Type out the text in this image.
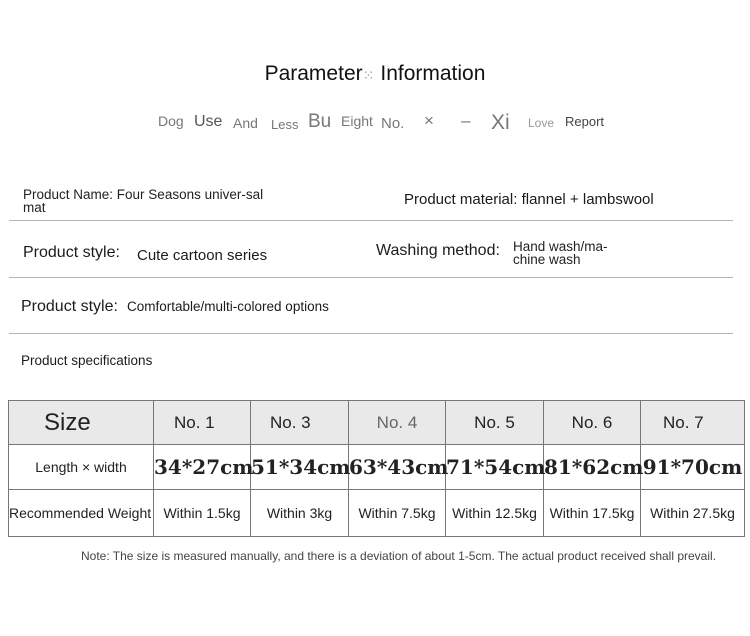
Parameter⁙ Information
Dog Use And Less Bu Eight No. × – Xi Love Report
Product Name: Four Seasons univer-sal mat	Product material: flannel + lambswool
Product style: Cute cartoon series	Washing method: Hand wash/ma-chine wash
Product style: Comfortable/multi-colored options
Product specifications
Size	No. 1	No. 3	No. 4	No. 5	No. 6	No. 7
Length × width	34*27cm	51*34cm	63*43cm	71*54cm	81*62cm	91*70cm
Recommended Weight	Within 1.5kg	Within 3kg	Within 7.5kg	Within 12.5kg	Within 17.5kg	Within 27.5kg
Note: The size is measured manually, and there is a deviation of about 1-5cm. The actual product received shall prevail.
